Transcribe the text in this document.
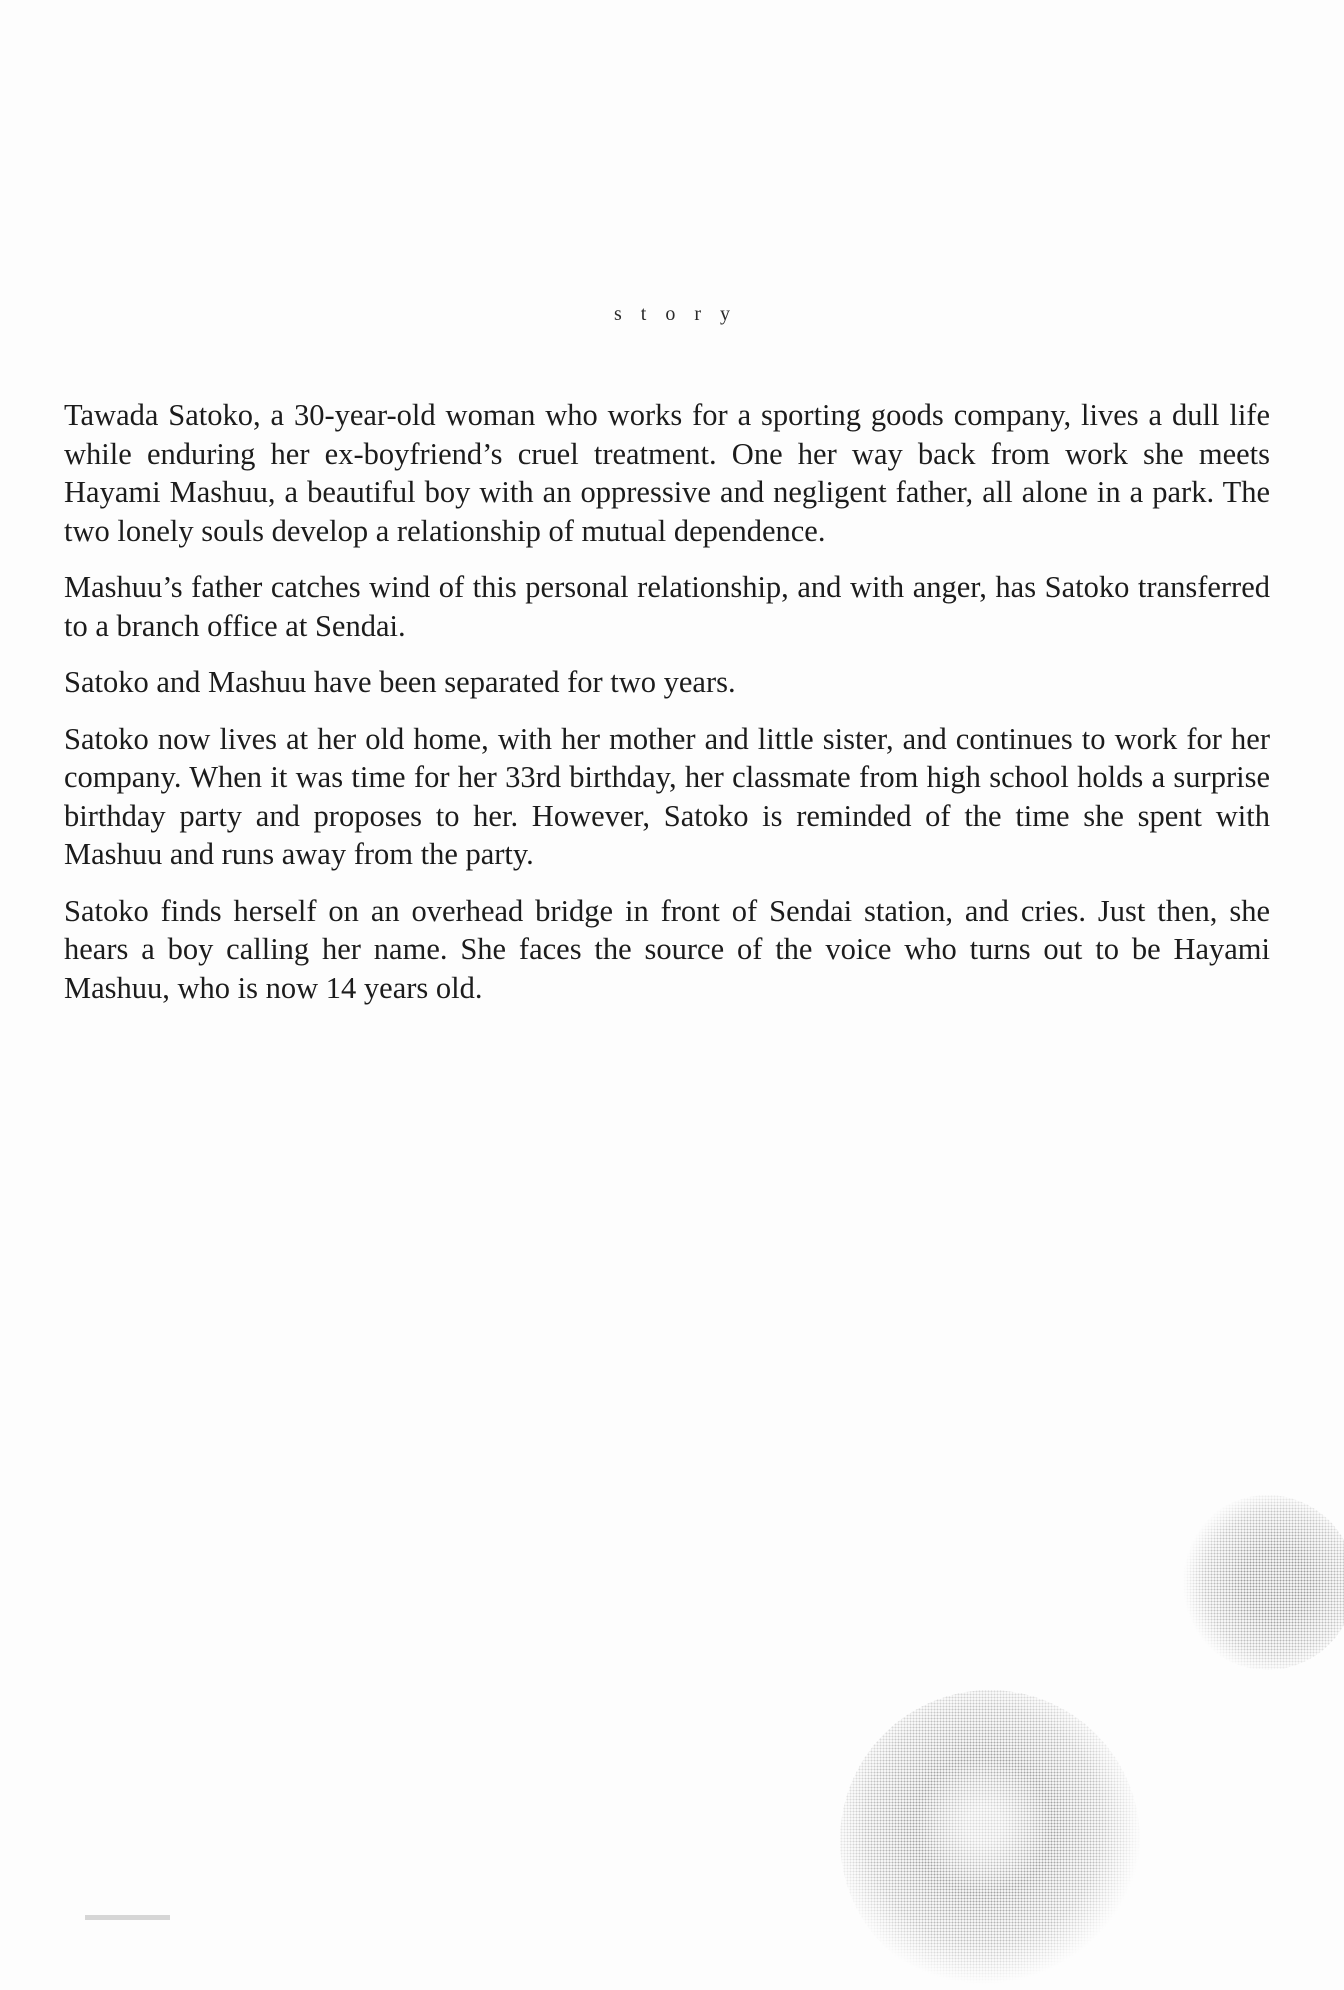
story

Tawada Satoko, a 30-year-old woman who works for a sporting goods company, lives a dull life while enduring her ex-boyfriend’s cruel treatment. One her way back from work she meets Hayami Mashuu, a beautiful boy with an oppressive and negligent father, all alone in a park. The two lonely souls develop a relationship of mutual dependence.

Mashuu’s father catches wind of this personal relationship, and with anger, has Satoko transferred to a branch office at Sendai.

Satoko and Mashuu have been separated for two years.

Satoko now lives at her old home, with her mother and little sister, and continues to work for her company. When it was time for her 33rd birthday, her classmate from high school holds a surprise birthday party and proposes to her. However, Satoko is reminded of the time she spent with Mashuu and runs away from the party.

Satoko finds herself on an overhead bridge in front of Sendai station, and cries. Just then, she hears a boy calling her name. She faces the source of the voice who turns out to be Hayami Mashuu, who is now 14 years old.
